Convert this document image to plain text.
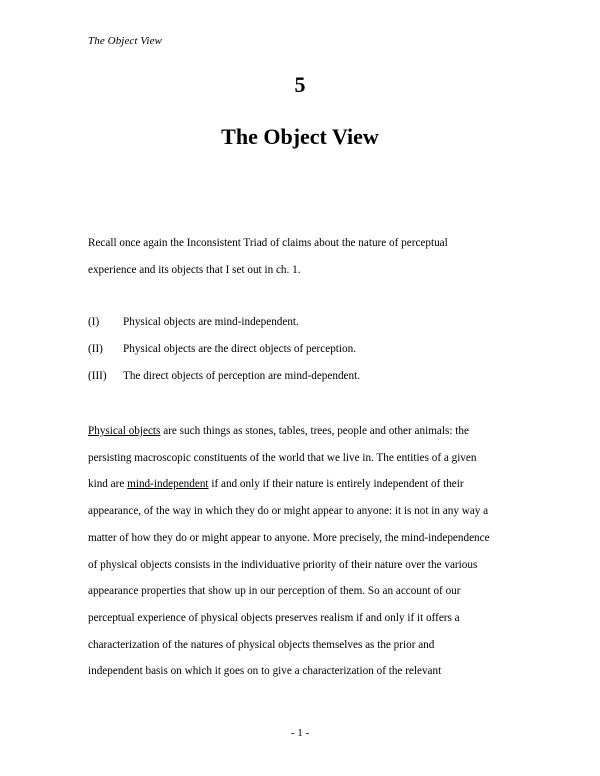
The Object View
5
The Object View

Recall once again the Inconsistent Triad of claims about the nature of perceptual

experience and its objects that I set out in ch. 1.

(I)	Physical objects are mind-independent.
(II)	Physical objects are the direct objects of perception.
(III)	The direct objects of perception are mind-dependent.

Physical objects are such things as stones, tables, trees, people and other animals: the

persisting macroscopic constituents of the world that we live in. The entities of a given

kind are mind-independent if and only if their nature is entirely independent of their

appearance, of the way in which they do or might appear to anyone: it is not in any way a

matter of how they do or might appear to anyone. More precisely, the mind-independence

of physical objects consists in the individuative priority of their nature over the various

appearance properties that show up in our perception of them. So an account of our

perceptual experience of physical objects preserves realism if and only if it offers a

characterization of the natures of physical objects themselves as the prior and

independent basis on which it goes on to give a characterization of the relevant

- 1 -
